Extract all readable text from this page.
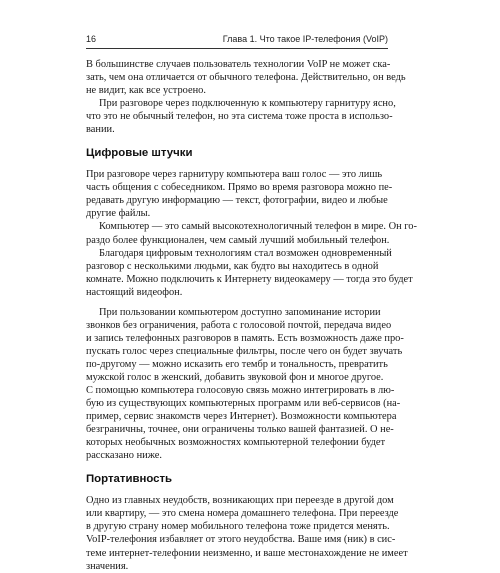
16	Глава 1. Что такое IP-телефония (VoIP)
В большинстве случаев пользователь технологии VoIP не может ска-
зать, чем она отличается от обычного телефона. Действительно, он ведь
не видит, как все устроено.
При разговоре через подключенную к компьютеру гарнитуру ясно,
что это не обычный телефон, но эта система тоже проста в использо-
вании.
Цифровые штучки
При разговоре через гарнитуру компьютера ваш голос — это лишь
часть общения с собеседником. Прямо во время разговора можно пе-
редавать другую информацию — текст, фотографии, видео и любые
другие файлы.
Компьютер — это самый высокотехнологичный телефон в мире. Он го-
раздо более функционален, чем самый лучший мобильный телефон.
Благодаря цифровым технологиям стал возможен одновременный
разговор с несколькими людьми, как будто вы находитесь в одной
комнате. Можно подключить к Интернету видеокамеру — тогда это будет
настоящий видеофон.
При пользовании компьютером доступно запоминание истории
звонков без ограничения, работа с голосовой почтой, передача видео
и запись телефонных разговоров в память. Есть возможность даже про-
пускать голос через специальные фильтры, после чего он будет звучать
по-другому — можно исказить его тембр и тональность, превратить
мужской голос в женский, добавить звуковой фон и многое другое.
С помощью компьютера голосовую связь можно интегрировать в лю-
бую из существующих компьютерных программ или веб-сервисов (на-
пример, сервис знакомств через Интернет). Возможности компьютера
безграничны, точнее, они ограничены только вашей фантазией. О не-
которых необычных возможностях компьютерной телефонии будет
рассказано ниже.
Портативность
Одно из главных неудобств, возникающих при переезде в другой дом
или квартиру, — это смена номера домашнего телефона. При переезде
в другую страну номер мобильного телефона тоже придется менять.
VoIP-телефония избавляет от этого неудобства. Ваше имя (ник) в сис-
теме интернет-телефонии неизменно, и ваше местонахождение не имеет
значения.
